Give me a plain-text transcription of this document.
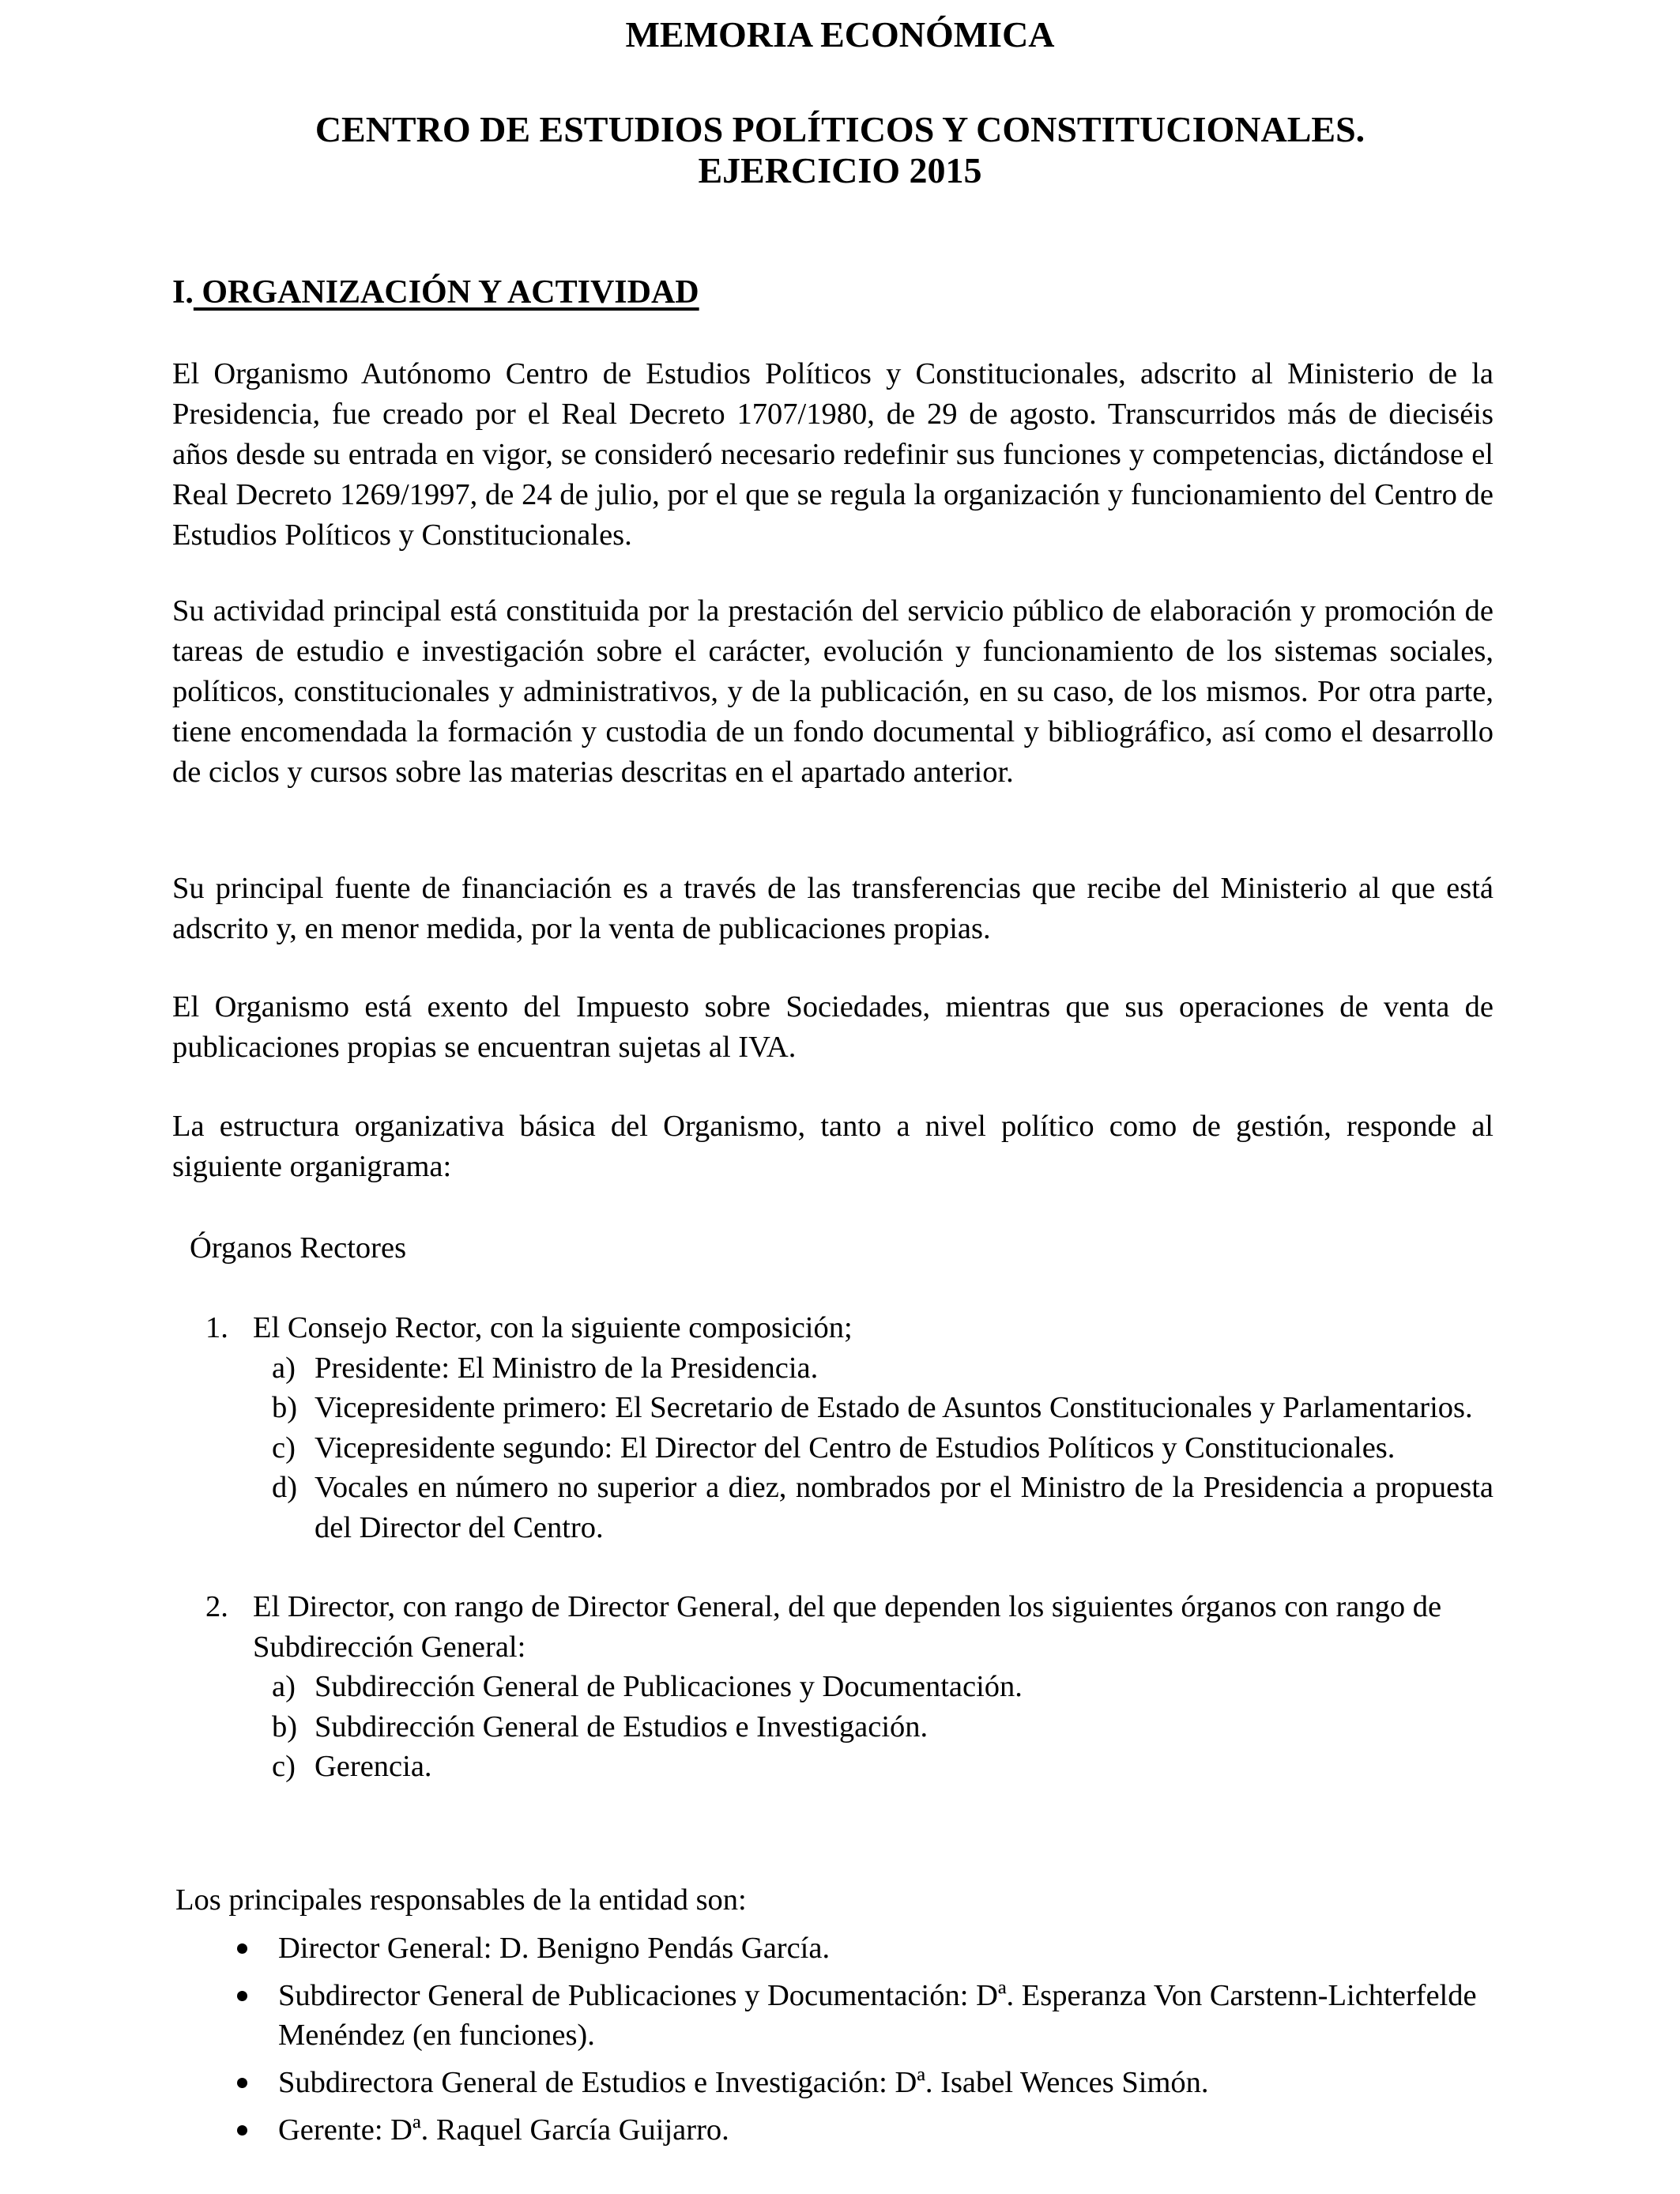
MEMORIA ECONÓMICA
CENTRO DE ESTUDIOS POLÍTICOS Y CONSTITUCIONALES.
EJERCICIO 2015
I. ORGANIZACIÓN Y ACTIVIDAD

El Organismo Autónomo Centro de Estudios Políticos y Constitucionales, adscrito al Ministerio de la Presidencia, fue creado por el Real Decreto 1707/1980, de 29 de agosto. Transcurridos más de dieciséis años desde su entrada en vigor, se consideró necesario redefinir sus funciones y competencias, dictándose el Real Decreto 1269/1997, de 24 de julio, por el que se regula la organización y funcionamiento del Centro de Estudios Políticos y Constitucionales.

Su actividad principal está constituida por la prestación del servicio público de elaboración y promoción de tareas de estudio e investigación sobre el carácter, evolución y funcionamiento de los sistemas sociales, políticos, constitucionales y administrativos, y de la publicación, en su caso, de los mismos. Por otra parte, tiene encomendada la formación y custodia de un fondo documental y bibliográfico, así como el desarrollo de ciclos y cursos sobre las materias descritas en el apartado anterior.

Su principal fuente de financiación es a través de las transferencias que recibe del Ministerio al que está adscrito y, en menor medida, por la venta de publicaciones propias.

El Organismo está exento del Impuesto sobre Sociedades, mientras que sus operaciones de venta de publicaciones propias se encuentran sujetas al IVA.

La estructura organizativa básica del Organismo, tanto a nivel político como de gestión, responde al siguiente organigrama:

Órganos Rectores

1. El Consejo Rector, con la siguiente composición;
a) Presidente: El Ministro de la Presidencia.
b) Vicepresidente primero: El Secretario de Estado de Asuntos Constitucionales y Parlamentarios.
c) Vicepresidente segundo: El Director del Centro de Estudios Políticos y Constitucionales.
d) Vocales en número no superior a diez, nombrados por el Ministro de la Presidencia a propuesta del Director del Centro.
2. El Director, con rango de Director General, del que dependen los siguientes órganos con rango de Subdirección General:
a) Subdirección General de Publicaciones y Documentación.
b) Subdirección General de Estudios e Investigación.
c) Gerencia.

Los principales responsables de la entidad son:

Director General: D. Benigno Pendás García.
Subdirector General de Publicaciones y Documentación: Dª. Esperanza Von Carstenn-Lichterfelde Menéndez (en funciones).
Subdirectora General de Estudios e Investigación: Dª. Isabel Wences Simón.
Gerente: Dª. Raquel García Guijarro.
